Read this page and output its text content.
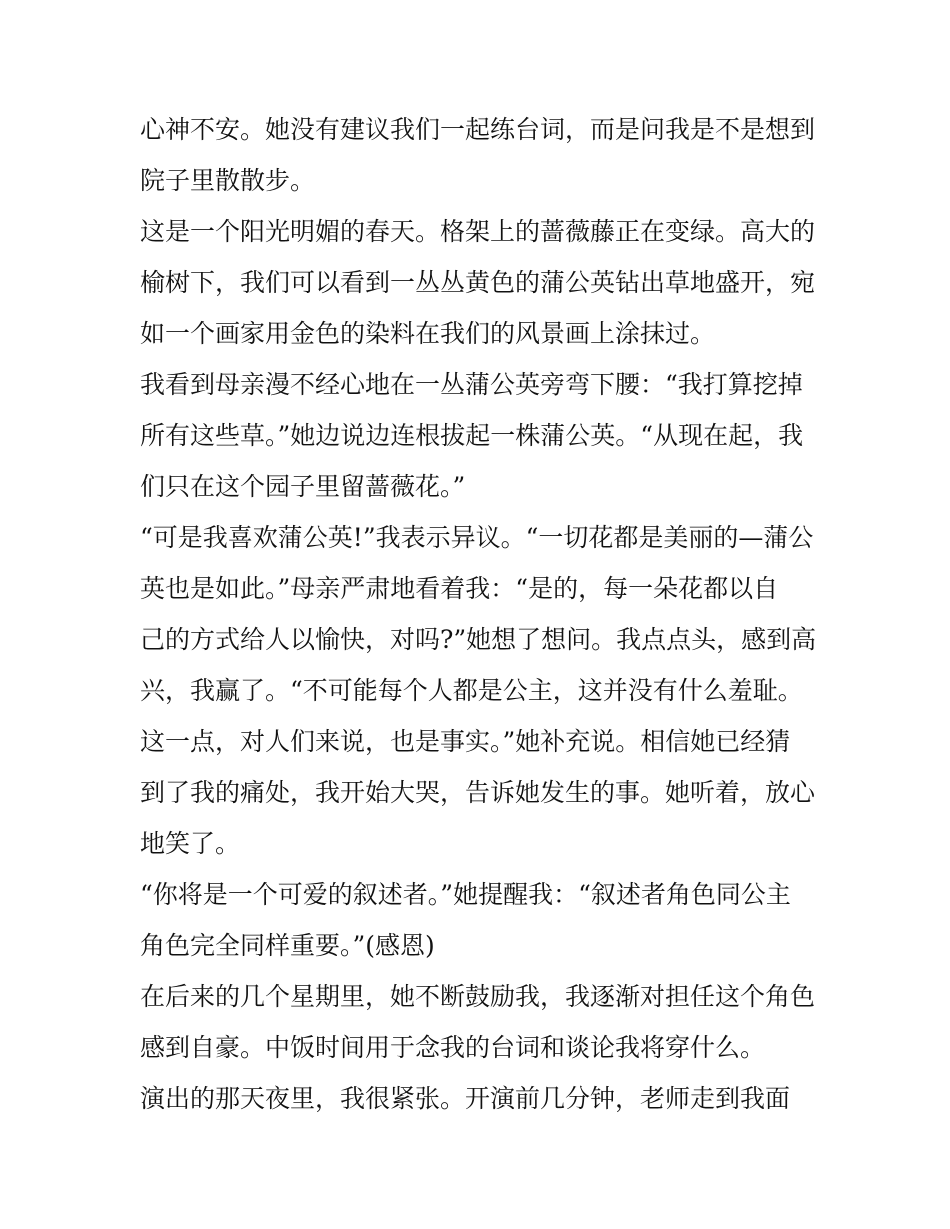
心神不安。她没有建议我们一起练台词，而是问我是不是想到
院子里散散步。
这是一个阳光明媚的春天。格架上的蔷薇藤正在变绿。高大的
榆树下，我们可以看到一丛丛黄色的蒲公英钻出草地盛开，宛
如一个画家用金色的染料在我们的风景画上涂抹过。
我看到母亲漫不经心地在一丛蒲公英旁弯下腰：“我打算挖掉
所有这些草。”她边说边连根拔起一株蒲公英。“从现在起，我
们只在这个园子里留蔷薇花。”
“可是我喜欢蒲公英!”我表示异议。“一切花都是美丽的—蒲公
英也是如此。”母亲严肃地看着我：“是的，每一朵花都以自
己的方式给人以愉快，对吗?”她想了想问。我点点头，感到高
兴，我赢了。“不可能每个人都是公主，这并没有什么羞耻。
这一点，对人们来说，也是事实。”她补充说。相信她已经猜
到了我的痛处，我开始大哭，告诉她发生的事。她听着，放心
地笑了。
“你将是一个可爱的叙述者。”她提醒我：“叙述者角色同公主
角色完全同样重要。”(感恩)
在后来的几个星期里，她不断鼓励我，我逐渐对担任这个角色
感到自豪。中饭时间用于念我的台词和谈论我将穿什么。
演出的那天夜里，我很紧张。开演前几分钟，老师走到我面
